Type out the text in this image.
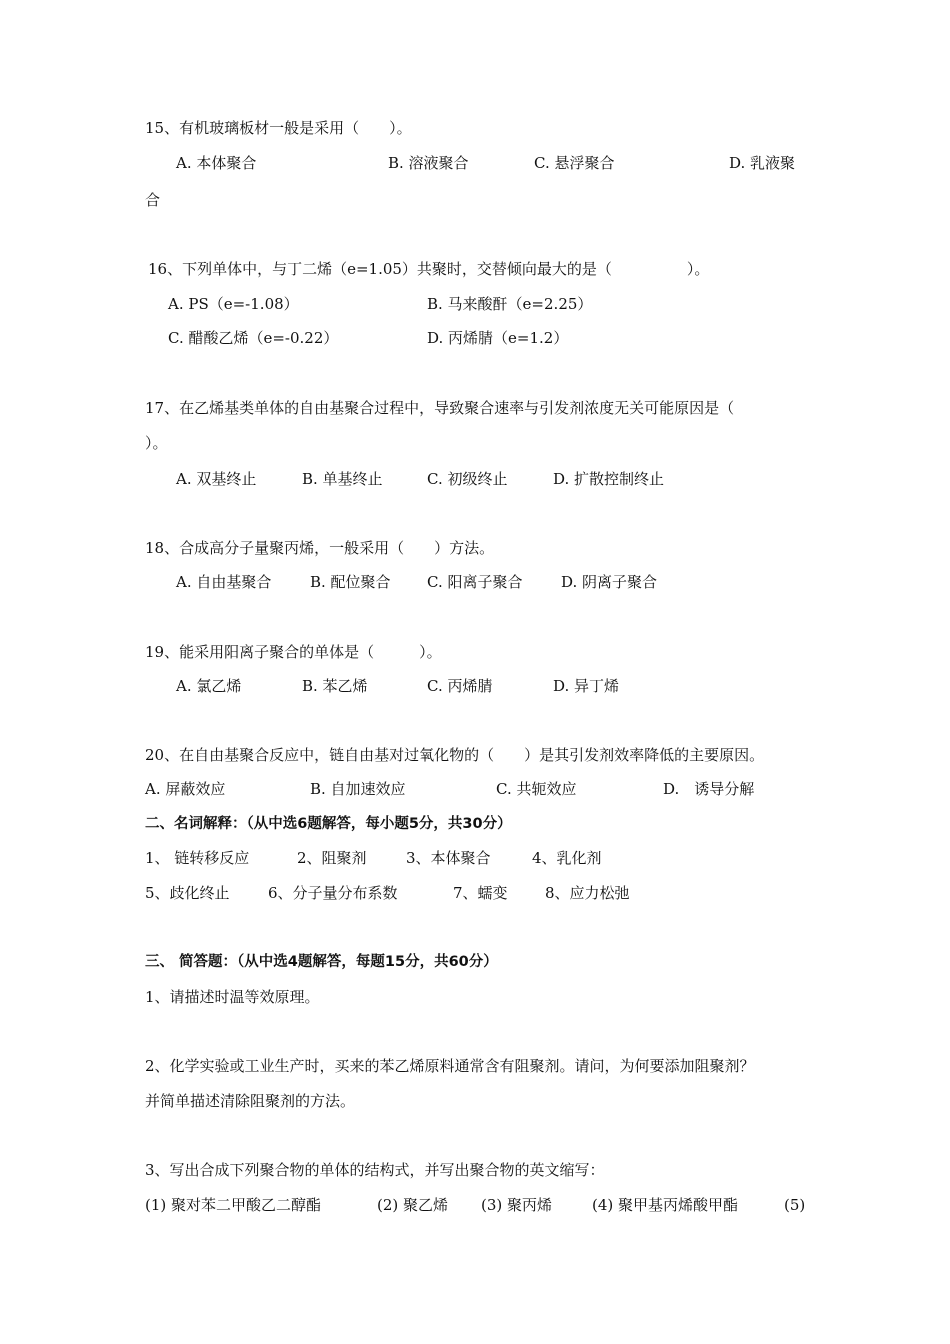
15、有机玻璃板材一般是采用（　　）。
A. 本体聚合	B. 溶液聚合	C. 悬浮聚合	D. 乳液聚
合
16、下列单体中，与丁二烯（e=1.05）共聚时，交替倾向最大的是（　　　　　）。
A. PS（e=-1.08）	B. 马来酸酐（e=2.25）
C. 醋酸乙烯（e=-0.22）	D. 丙烯腈（e=1.2）
17、在乙烯基类单体的自由基聚合过程中，导致聚合速率与引发剂浓度无关可能原因是（
）。
A. 双基终止	B. 单基终止	C. 初级终止	D. 扩散控制终止
18、合成高分子量聚丙烯，一般采用（　　）方法。
A. 自由基聚合	B. 配位聚合 C. 阳离子聚合	D. 阴离子聚合
19、能采用阳离子聚合的单体是（　　　）。
A. 氯乙烯	B. 苯乙烯	C. 丙烯腈	D. 异丁烯
20、在自由基聚合反应中，链自由基对过氧化物的（　　）是其引发剂效率降低的主要原因。
A. 屏蔽效应	B. 自加速效应	C. 共轭效应	D.　诱导分解
二、名词解释：（从中选6题解答，每小题5分，共30分）
1、 链转移反应	2、阻聚剂	3、本体聚合	4、乳化剂
5、歧化终止	6、分子量分布系数	7、蠕变 8、应力松弛
三、 简答题：（从中选4题解答，每题15分，共60分）
1、请描述时温等效原理。
2、化学实验或工业生产时，买来的苯乙烯原料通常含有阻聚剂。请问，为何要添加阻聚剂？
并简单描述清除阻聚剂的方法。
3、写出合成下列聚合物的单体的结构式，并写出聚合物的英文缩写：
(1) 聚对苯二甲酸乙二醇酯	(2) 聚乙烯 (3) 聚丙烯	(4) 聚甲基丙烯酸甲酯	(5)
